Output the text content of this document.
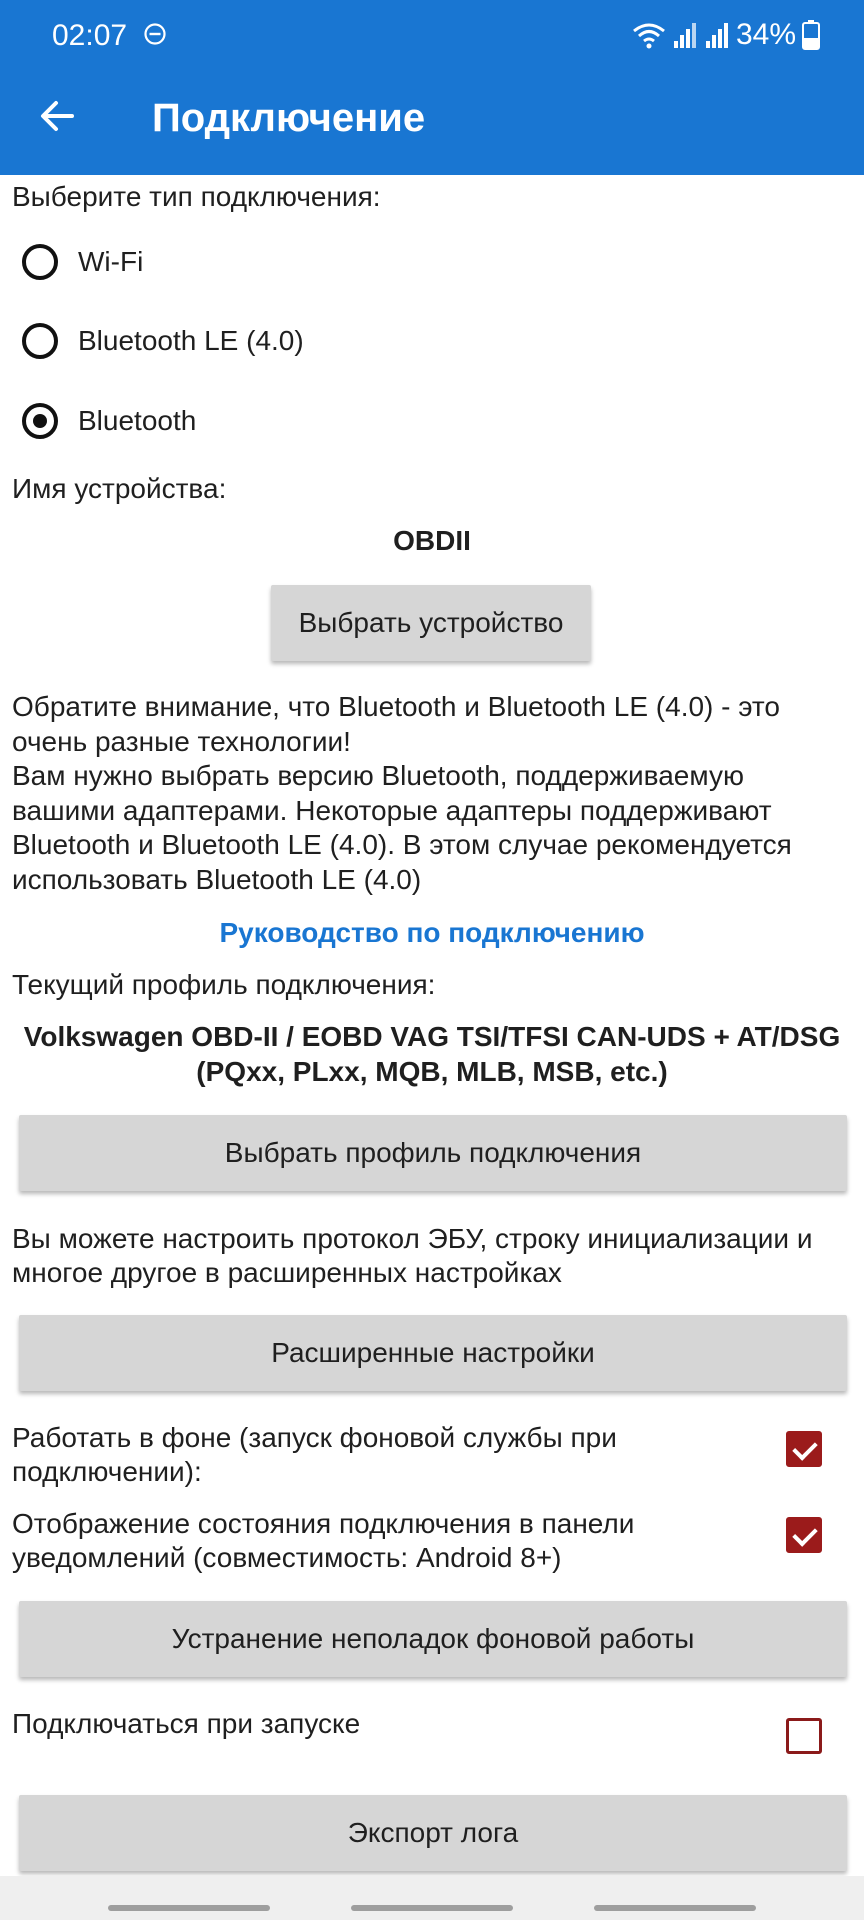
02:07	34%
Подключение

Выберите тип подключения:

Wi-Fi
Bluetooth LE (4.0)
Bluetooth

Имя устройства:

OBDII

Выбрать устройство

Обратите внимание, что Bluetooth и Bluetooth LE (4.0) - это

очень разные технологии!

Вам нужно выбрать версию Bluetooth, поддерживаемую

вашими адаптерами. Некоторые адаптеры поддерживают

Bluetooth и Bluetooth LE (4.0). В этом случае рекомендуется

использовать Bluetooth LE (4.0)

Руководство по подключению

Текущий профиль подключения:

Volkswagen OBD-II / EOBD VAG TSI/TFSI CAN-UDS + AT/DSG

(PQxx, PLxx, MQB, MLB, MSB, etc.)

Выбрать профиль подключения

Вы можете настроить протокол ЭБУ, строку инициализации и

многое другое в расширенных настройках

Расширенные настройки

Работать в фоне (запуск фоновой службы при

подключении):

Отображение состояния подключения в панели

уведомлений (совместимость: Android 8+)

Устранение неполадок фоновой работы

Подключаться при запуске

Экспорт лога
